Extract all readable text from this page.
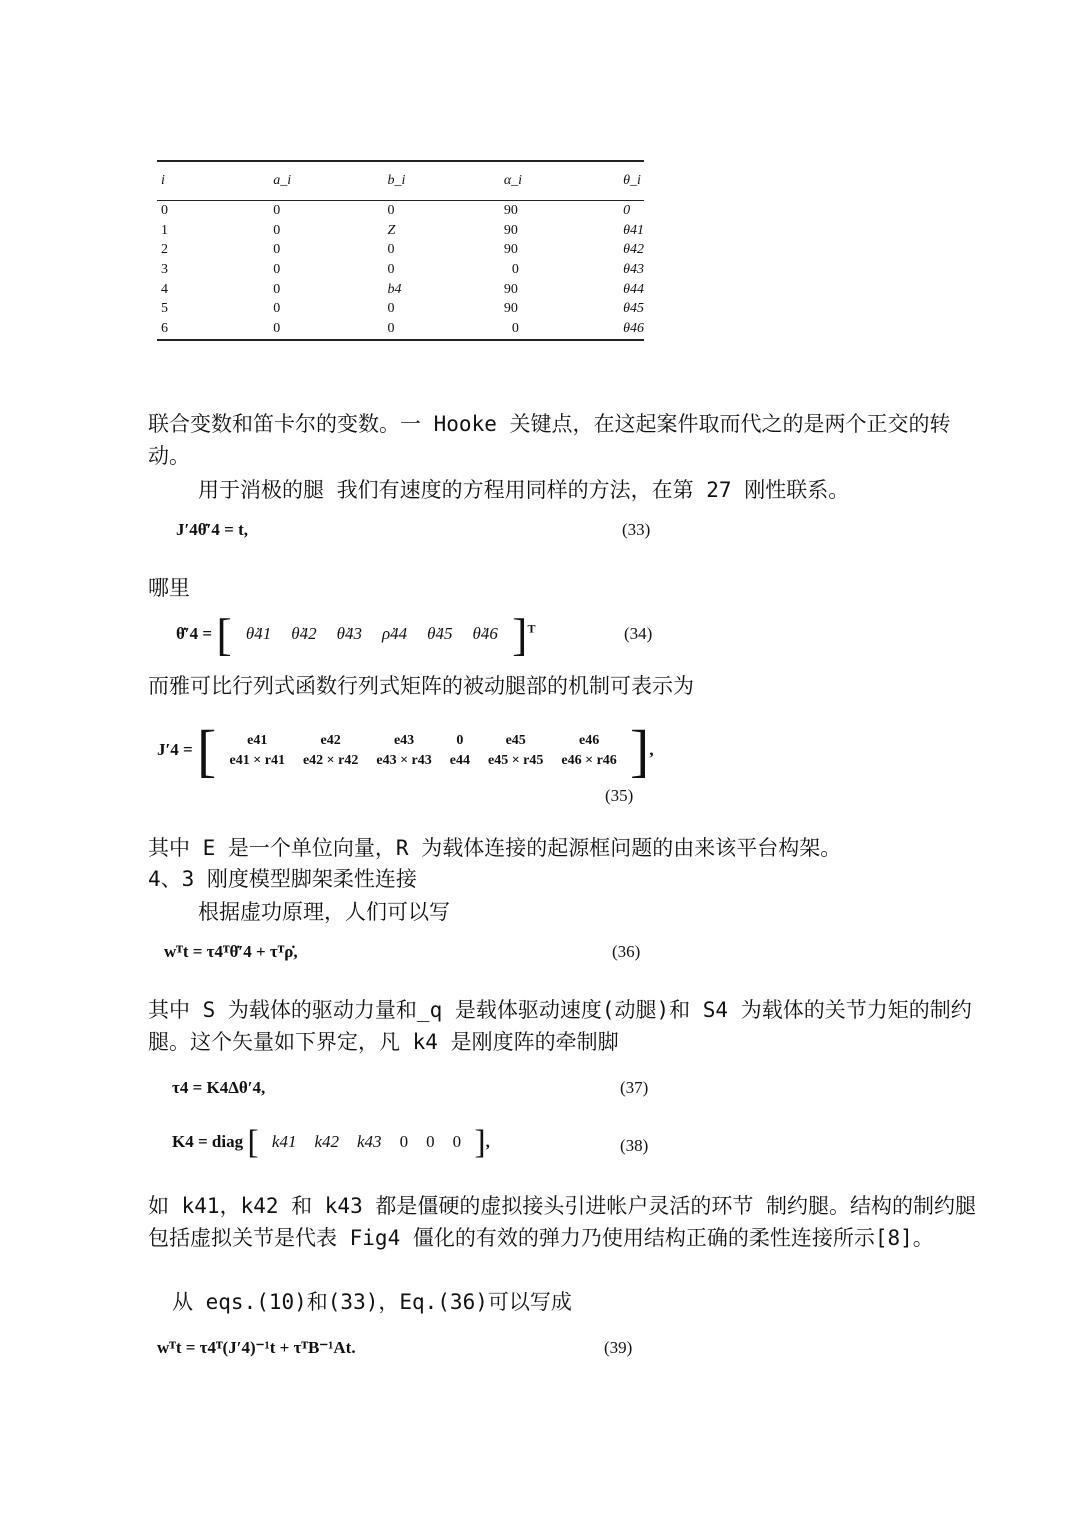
i	a_i	b_i	α_i	θ_i
0	0	0	90	0
1	0	Z	90	θ41
2	0	0	90	θ42
3	0	0	0	θ43
4	0	b4	90	θ44
5	0	0	90	θ45
6	0	0	0	θ46
联合变数和笛卡尔的变数。一 Hooke 关键点，在这起案件取而代之的是两个正交的转动。
用于消极的腿 我们有速度的方程用同样的方法，在第 27 刚性联系。
J′4θ̇′4 = t,	(33)
哪里
θ̇′4 = [ θ̇41 θ̇42 θ̇43 ρ̇44 θ̇45 θ̇46 ]$^T$	(34)
而雅可比行列式函数行列式矩阵的被动腿部的机制可表示为
J′4 = [ e41	e42	e43	0	e45	e46
e41 × r41	e42 × r42	e43 × r43	e44	e45 × r45	e46 × r46 ],
(35)
其中 E 是一个单位向量，R 为载体连接的起源框问题的由来该平台构架。
4、3 刚度模型脚架柔性连接
根据虚功原理，人们可以写
wᵀt = τ4ᵀθ̇′4 + τᵀρ̇,	(36)
其中 S 为载体的驱动力量和_q 是载体驱动速度(动腿)和 S4 为载体的关节力矩的制约腿。这个矢量如下界定，凡 k4 是刚度阵的牵制脚
τ4 = K4Δθ′4,	(37)
K4 = diag [ k41 k42 k43 0 0 0 ],	(38)
如 k41，k42 和 k43 都是僵硬的虚拟接头引进帐户灵活的环节 制约腿。结构的制约腿包括虚拟关节是代表 Fig4 僵化的有效的弹力乃使用结构正确的柔性连接所示[8]。
从 eqs.(10)和(33)，Eq.(36)可以写成
wᵀt = τ4ᵀ(J′4)⁻¹t + τᵀB⁻¹At.	(39)
